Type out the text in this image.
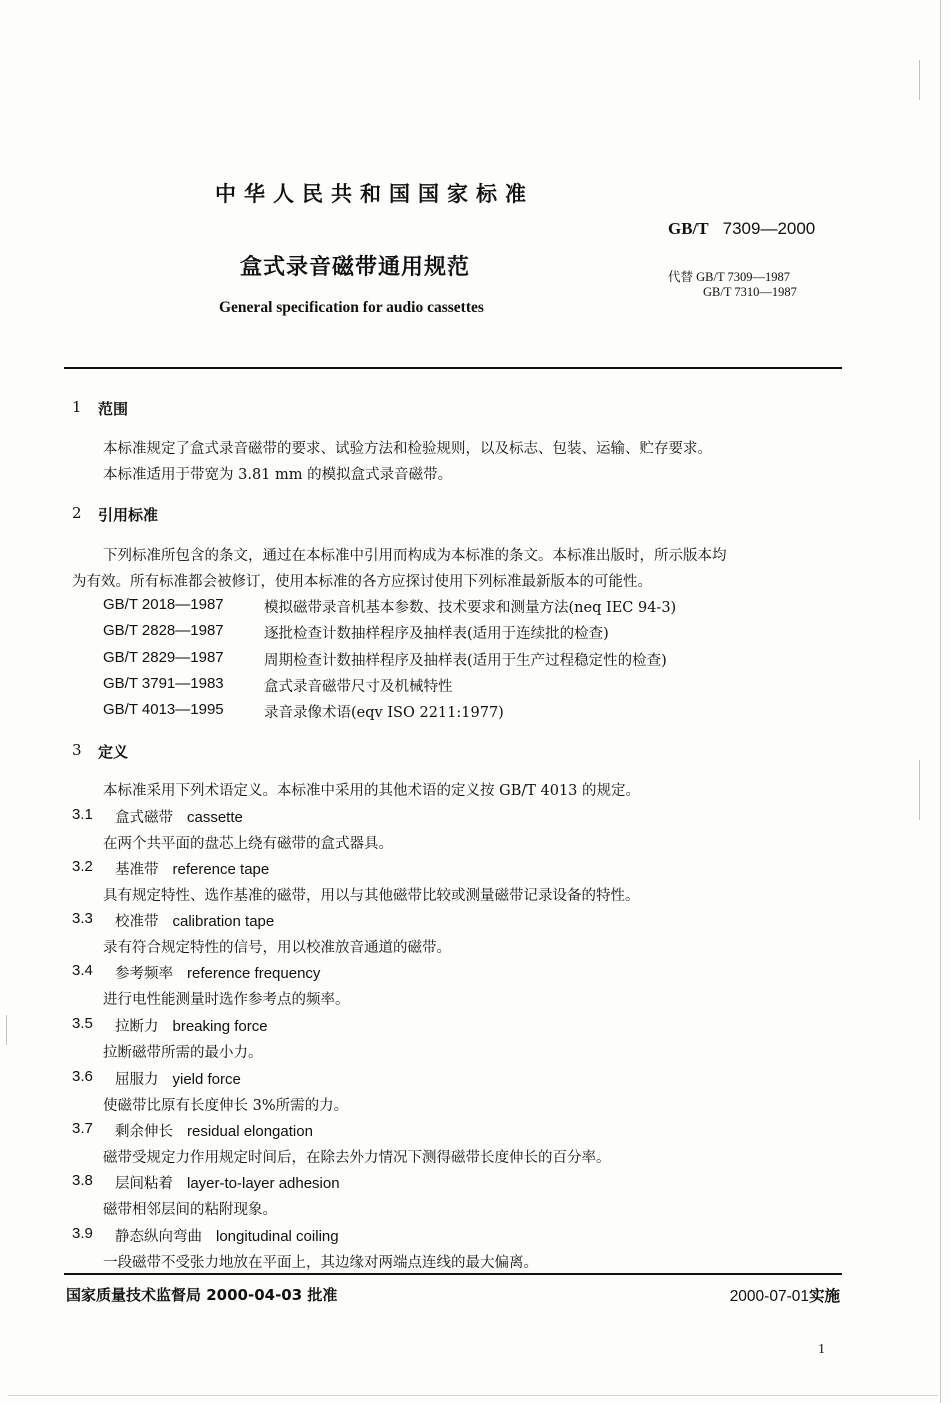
中华人民共和国国家标准
GB/T 7309—2000
盒式录音磁带通用规范	代替 GB/T 7309—1987
GB/T 7310—1987
General specification for audio cassettes
1 范围
本标准规定了盒式录音磁带的要求、试验方法和检验规则，以及标志、包装、运输、贮存要求。
本标准适用于带宽为 3.81 mm 的模拟盒式录音磁带。
2 引用标准
下列标准所包含的条文，通过在本标准中引用而构成为本标准的条文。本标准出版时，所示版本均
为有效。所有标准都会被修订，使用本标准的各方应探讨使用下列标准最新版本的可能性。
GB/T 2018—1987	模拟磁带录音机基本参数、技术要求和测量方法(neq IEC 94-3)
GB/T 2828—1987	逐批检查计数抽样程序及抽样表(适用于连续批的检查)
GB/T 2829—1987	周期检查计数抽样程序及抽样表(适用于生产过程稳定性的检查)
GB/T 3791—1983	盒式录音磁带尺寸及机械特性
GB/T 4013—1995	录音录像术语(eqv ISO 2211:1977)
3 定义
本标准采用下列术语定义。本标准中采用的其他术语的定义按 GB/T 4013 的规定。
3.1 盒式磁带 cassette
在两个共平面的盘芯上绕有磁带的盒式器具。
3.2 基准带 reference tape
具有规定特性、选作基准的磁带，用以与其他磁带比较或测量磁带记录设备的特性。
3.3 校准带 calibration tape
录有符合规定特性的信号，用以校准放音通道的磁带。
3.4 参考频率 reference frequency
进行电性能测量时选作参考点的频率。
3.5 拉断力 breaking force
拉断磁带所需的最小力。
3.6 屈服力 yield force
使磁带比原有长度伸长 3%所需的力。
3.7 剩余伸长 residual elongation
磁带受规定力作用规定时间后，在除去外力情况下测得磁带长度伸长的百分率。
3.8 层间粘着 layer-to-layer adhesion
磁带相邻层间的粘附现象。
3.9 静态纵向弯曲 longitudinal coiling
一段磁带不受张力地放在平面上，其边缘对两端点连线的最大偏离。
国家质量技术监督局 2000-04-03 批准	2000-07-01实施
1
